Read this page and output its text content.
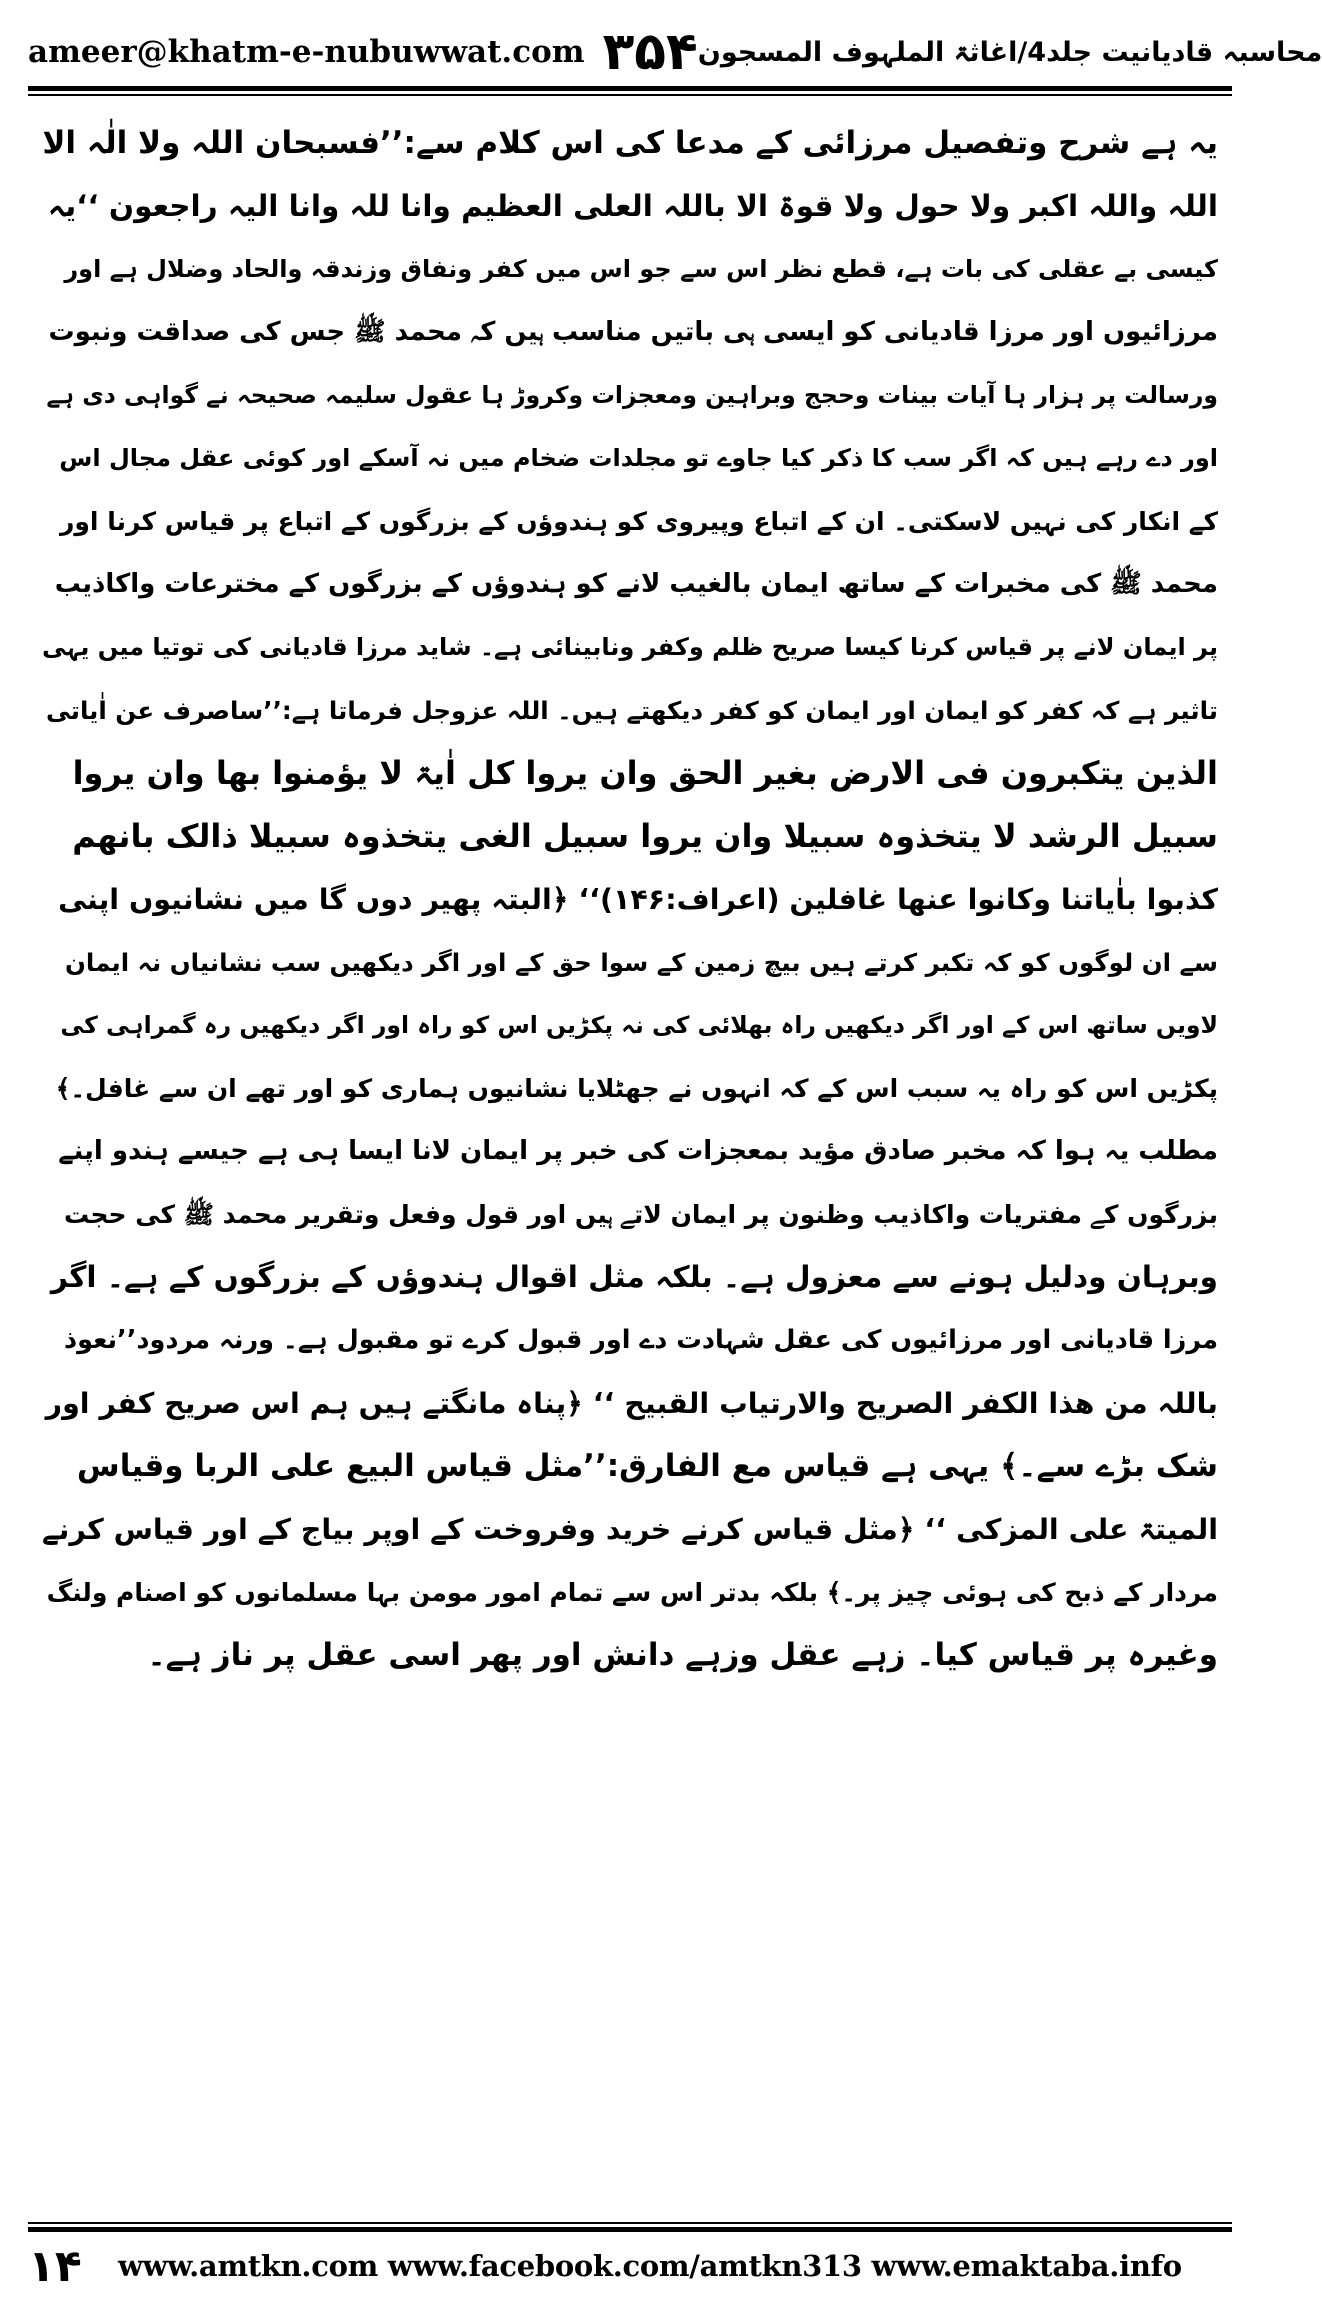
ameer@khatm-e-nubuwwat.com ۳۵۴ محاسبہ قادیانیت جلد4/اغاثۃ الملہوف المسجون
یہ ہے شرح وتفصیل مرزائی کے مدعا کی اس کلام سے:’’فسبحان اللہ ولا الٰہ الا
اللہ واللہ اکبر ولا حول ولا قوۃ الا باللہ العلی العظیم وانا للہ وانا الیہ راجعون ‘‘یہ
کیسی بے عقلی کی بات ہے، قطع نظر اس سے جو اس میں کفر ونفاق وزندقہ والحاد وضلال ہے اور
مرزائیوں اور مرزا قادیانی کو ایسی ہی باتیں مناسب ہیں کہ محمد ﷺ جس کی صداقت ونبوت
ورسالت پر ہزار ہا آیات بینات وحجج وبراہین ومعجزات وکروڑ ہا عقول سلیمہ صحیحہ نے گواہی دی ہے
اور دے رہے ہیں کہ اگر سب کا ذکر کیا جاوے تو مجلدات ضخام میں نہ آسکے اور کوئی عقل مجال اس
کے انکار کی نہیں لاسکتی۔ ان کے اتباع وپیروی کو ہندوؤں کے بزرگوں کے اتباع پر قیاس کرنا اور
محمد ﷺ کی مخبرات کے ساتھ ایمان بالغیب لانے کو ہندوؤں کے بزرگوں کے مخترعات واکاذیب
پر ایمان لانے پر قیاس کرنا کیسا صریح ظلم وکفر ونابینائی ہے۔ شاید مرزا قادیانی کی توتیا میں یہی
تاثیر ہے کہ کفر کو ایمان اور ایمان کو کفر دیکھتے ہیں۔ اللہ عزوجل فرماتا ہے:’’ساصرف عن اٰیاتی
الذین یتکبرون فی الارض بغیر الحق وان یروا کل اٰیۃ لا یؤمنوا بھا وان یروا
سبیل الرشد لا یتخذوہ سبیلا وان یروا سبیل الغی یتخذوہ سبیلا ذالک بانھم
کذبوا باٰیاتنا وکانوا عنھا غافلین (اعراف:۱۴۶)‘‘ ﴿البتہ پھیر دوں گا میں نشانیوں اپنی
سے ان لوگوں کو کہ تکبر کرتے ہیں بیچ زمین کے سوا حق کے اور اگر دیکھیں سب نشانیاں نہ ایمان
لاویں ساتھ اس کے اور اگر دیکھیں راہ بھلائی کی نہ پکڑیں اس کو راہ اور اگر دیکھیں رہ گمراہی کی
پکڑیں اس کو راہ یہ سبب اس کے کہ انہوں نے جھٹلایا نشانیوں ہماری کو اور تھے ان سے غافل۔﴾
مطلب یہ ہوا کہ مخبر صادق مؤید بمعجزات کی خبر پر ایمان لانا ایسا ہی ہے جیسے ہندو اپنے
بزرگوں کے مفتریات واکاذیب وظنون پر ایمان لاتے ہیں اور قول وفعل وتقریر محمد ﷺ کی حجت
وبرہان ودلیل ہونے سے معزول ہے۔ بلکہ مثل اقوال ہندوؤں کے بزرگوں کے ہے۔ اگر
مرزا قادیانی اور مرزائیوں کی عقل شہادت دے اور قبول کرے تو مقبول ہے۔ ورنہ مردود’’نعوذ
باللہ من ھذا الکفر الصریح والارتیاب القبیح ‘‘ ﴿پناہ مانگتے ہیں ہم اس صریح کفر اور
شک بڑے سے۔﴾ یہی ہے قیاس مع الفارق:’’مثل قیاس البیع علی الربا وقیاس
المیتۃ علی المزکی ‘‘ ﴿مثل قیاس کرنے خرید وفروخت کے اوپر بیاج کے اور قیاس کرنے
مردار کے ذبح کی ہوئی چیز پر۔﴾ بلکہ بدتر اس سے تمام امور مومن بہا مسلمانوں کو اصنام ولنگ
وغیرہ پر قیاس کیا۔ زہے عقل وزہے دانش اور پھر اسی عقل پر ناز ہے۔
۱۴	www.amtkn.com www.facebook.com/amtkn313 www.emaktaba.info
